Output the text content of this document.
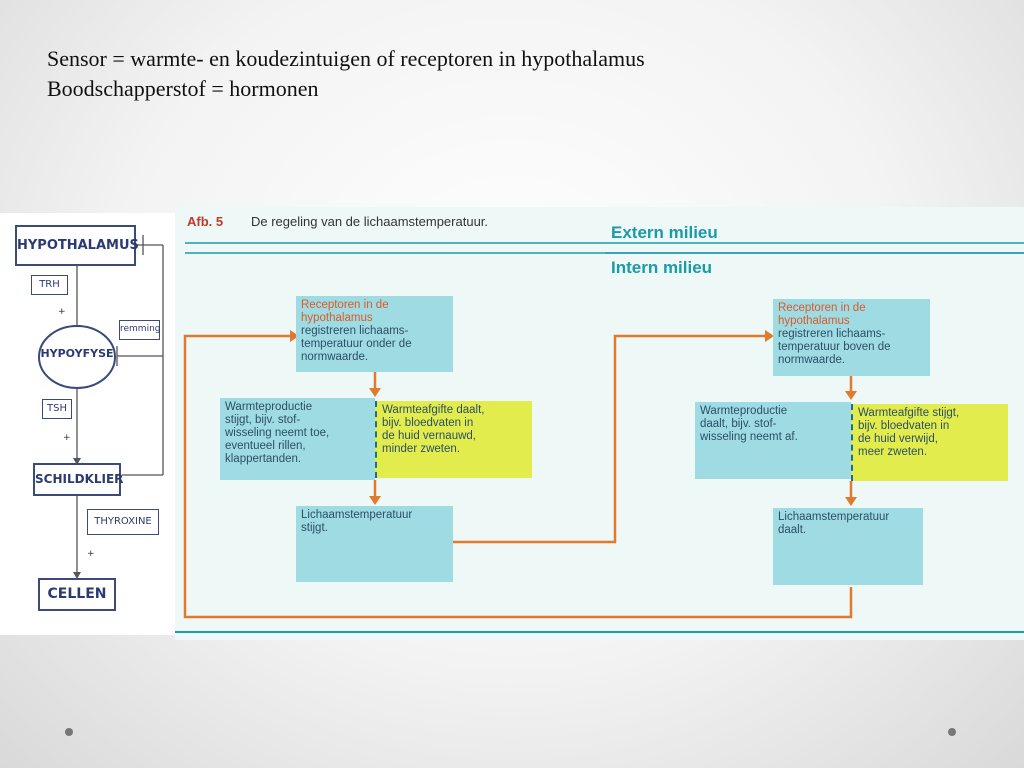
Sensor = warmte- en koudezintuigen of receptoren in hypothalamus
Boodschapperstof = hormonen
HYPOTHALAMUS
TRH
+
remming
HYPOYFYSE
TSH
+
SCHILDKLIER
THYROXINE
+
CELLEN
Afb. 5 De regeling van de lichaamstemperatuur.
Extern milieu
Intern milieu
Receptoren in de
hypothalamus
registreren lichaams-
temperatuur onder de
normwaarde.
Warmteproductie
stijgt, bijv. stof-
wisseling neemt toe,
eventueel rillen,
klappertanden.
Warmteafgifte daalt,
bijv. bloedvaten in
de huid vernauwd,
minder zweten.
Lichaamstemperatuur
stijgt.
Receptoren in de
hypothalamus
registreren lichaams-
temperatuur boven de
normwaarde.
Warmteproductie
daalt, bijv. stof-
wisseling neemt af.
Warmteafgifte stijgt,
bijv. bloedvaten in
de huid verwijd,
meer zweten.
Lichaamstemperatuur
daalt.
